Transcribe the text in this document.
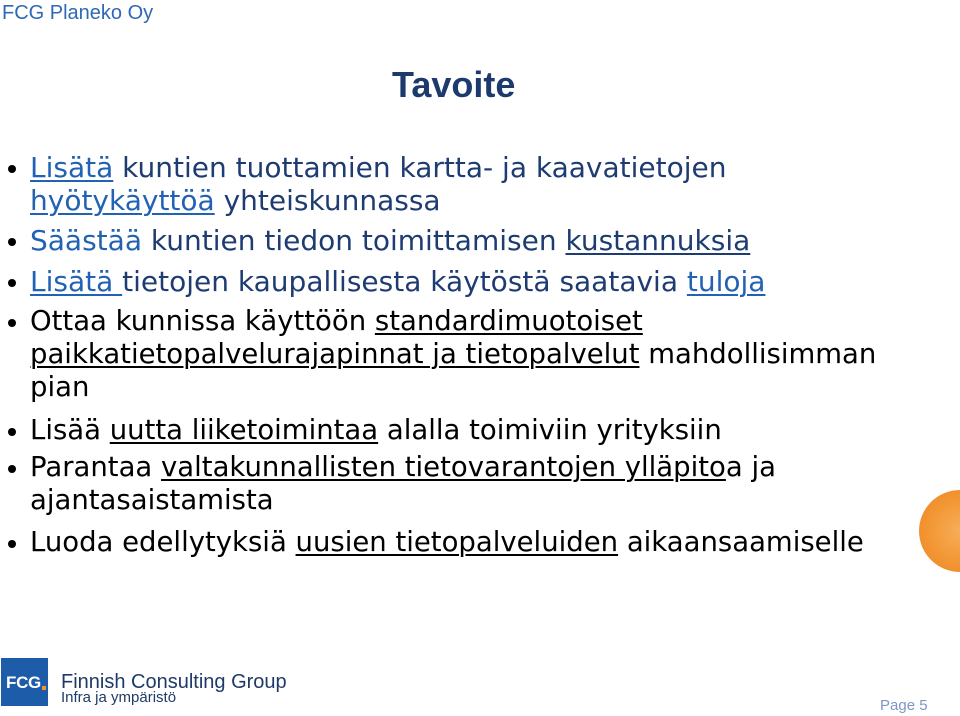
FCG Planeko Oy
Tavoite
Lisätä kuntien tuottamien kartta- ja kaavatietojen
hyötykäyttöä yhteiskunnassa
Säästää kuntien tiedon toimittamisen kustannuksia
Lisätä tietojen kaupallisesta käytöstä saatavia tuloja
Ottaa kunnissa käyttöön standardimuotoiset
paikkatietopalvelurajapinnat ja tietopalvelut mahdollisimman
pian
Lisää uutta liiketoimintaa alalla toimiviin yrityksiin
Parantaa valtakunnallisten tietovarantojen ylläpitoa ja
ajantasaistamista
Luoda edellytyksiä uusien tietopalveluiden aikaansaamiselle
FCG Finnish Consulting Group
Infra ja ympäristö	Page 5
